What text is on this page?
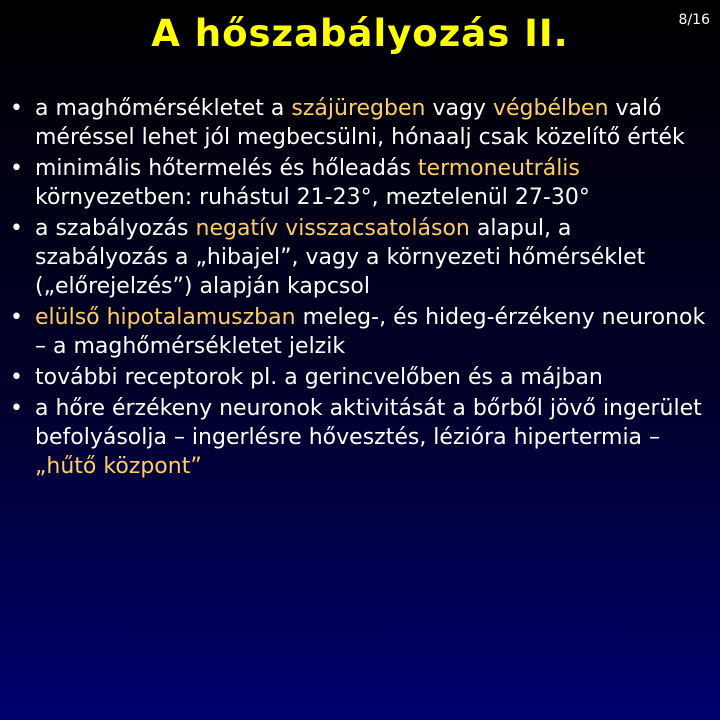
A hőszabályozás II.	8/16
• a maghőmérsékletet a szájüregben vagy végbélben való méréssel lehet jól megbecsülni, hónaalj csak közelítő érték
• minimális hőtermelés és hőleadás termoneutrális környezetben: ruhástul 21-23°, meztelenül 27-30°
• a szabályozás negatív visszacsatoláson alapul, a szabályozás a „hibajel”, vagy a környezeti hőmérséklet („előrejelzés”) alapján kapcsol
• elülső hipotalamuszban meleg-, és hideg-érzékeny neuronok – a maghőmérsékletet jelzik
• további receptorok pl. a gerincvelőben és a májban
• a hőre érzékeny neuronok aktivitását a bőrből jövő ingerület befolyásolja – ingerlésre hővesztés, lézióra hipertermia – „hűtő központ”
